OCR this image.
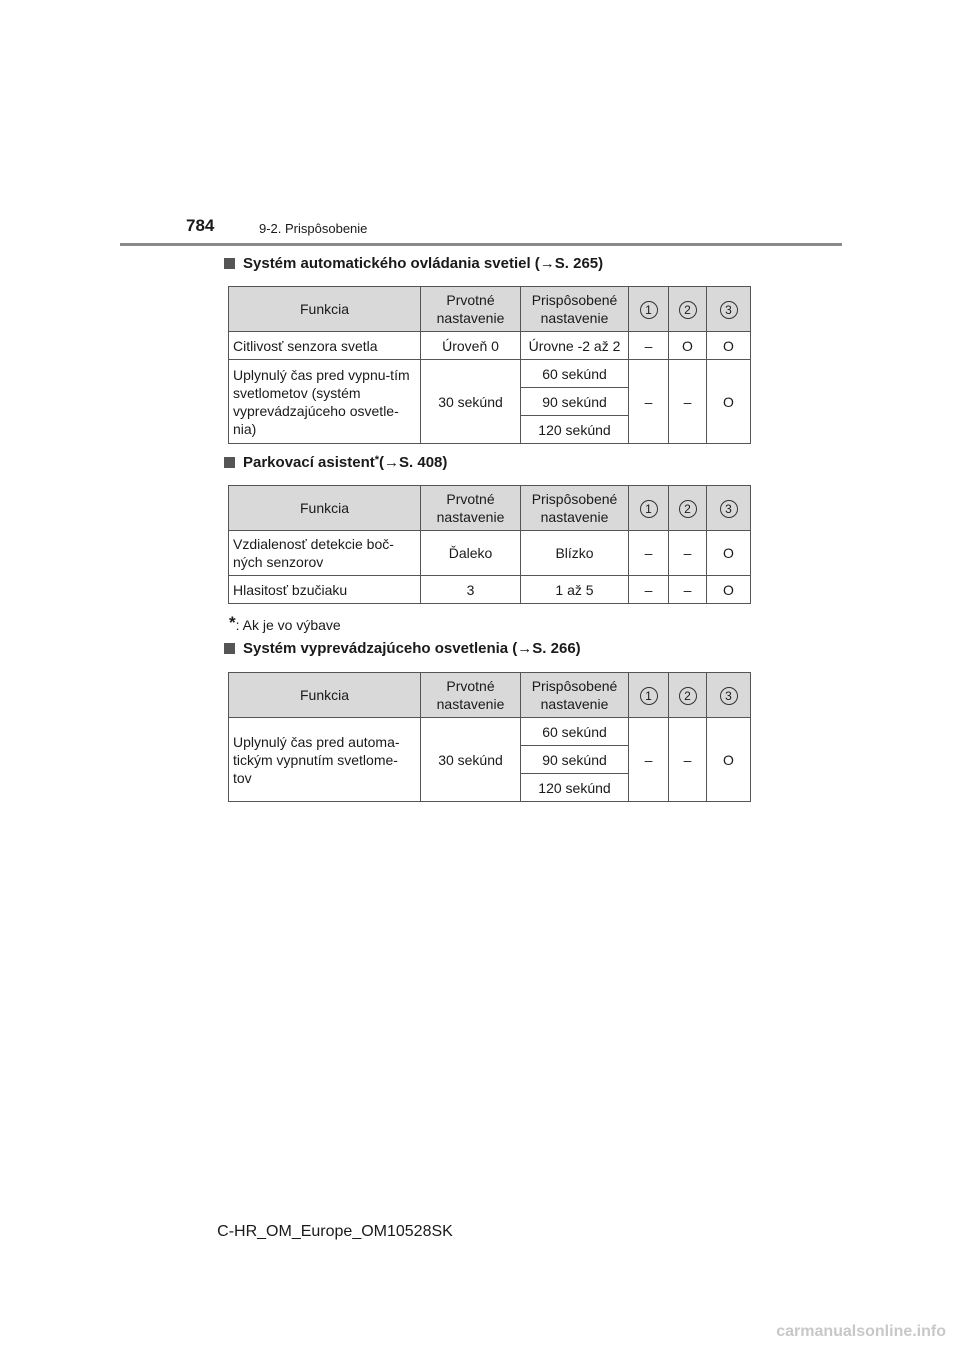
784	9-2. Prispôsobenie
Systém automatického ovládania svetiel ( → S. 265)
Funkcia	Prvotné nastavenie	Prispôsobené nastavenie	1	2	3
Citlivosť senzora svetla	Úroveň 0	Úrovne -2 až 2	–	O	O
Uplynulý čas pred vypnu-tím svetlometov (systém vyprevádzajúceho osvetle-nia)	30 sekúnd	60 sekúnd	–	–	O
		90 sekúnd			
		120 sekúnd			
Parkovací asistent* ( → S. 408)
Funkcia	Prvotné nastavenie	Prispôsobené nastavenie	1	2	3
Vzdialenosť detekcie boč-ných senzorov	Ďaleko	Blízko	–	–	O
Hlasitosť bzučiaku	3	1 až 5	–	–	O
*: Ak je vo výbave
Systém vyprevádzajúceho osvetlenia ( → S. 266)
Funkcia	Prvotné nastavenie	Prispôsobené nastavenie	1	2	3
Uplynulý čas pred automa-tickým vypnutím svetlome-tov	30 sekúnd	60 sekúnd	–	–	O
		90 sekúnd			
		120 sekúnd			
C-HR_OM_Europe_OM10528SK
carmanualsonline.info
